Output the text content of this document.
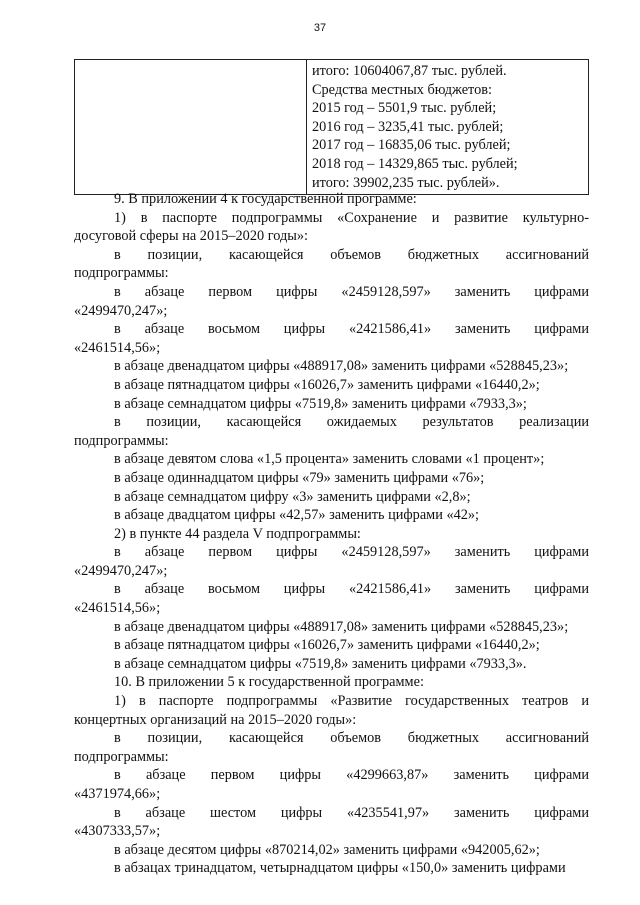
37

итого: 10604067,87 тыс. рублей.
Средства местных бюджетов:
2015 год – 5501,9 тыс. рублей;
2016 год – 3235,41 тыс. рублей;
2017 год – 16835,06 тыс. рублей;
2018 год – 14329,865 тыс. рублей;
итого: 39902,235 тыс. рублей».

9. В приложении 4 к государственной программе:

1) в паспорте подпрограммы «Сохранение и развитие культурно-

досуговой сферы на 2015–2020 годы»:

в позиции, касающейся объемов бюджетных ассигнований

подпрограммы:

в абзаце первом цифры «2459128,597» заменить цифрами

«2499470,247»;

в абзаце восьмом цифры «2421586,41» заменить цифрами

«2461514,56»;

в абзаце двенадцатом цифры «488917,08» заменить цифрами «528845,23»;

в абзаце пятнадцатом цифры «16026,7» заменить цифрами «16440,2»;

в абзаце семнадцатом цифры «7519,8» заменить цифрами «7933,3»;

в позиции, касающейся ожидаемых результатов реализации

подпрограммы:

в абзаце девятом слова «1,5 процента» заменить словами «1 процент»;

в абзаце одиннадцатом цифры «79» заменить цифрами «76»;

в абзаце семнадцатом цифру «3» заменить цифрами «2,8»;

в абзаце двадцатом цифры «42,57» заменить цифрами «42»;

2) в пункте 44 раздела V подпрограммы:

в абзаце первом цифры «2459128,597» заменить цифрами

«2499470,247»;

в абзаце восьмом цифры «2421586,41» заменить цифрами

«2461514,56»;

в абзаце двенадцатом цифры «488917,08» заменить цифрами «528845,23»;

в абзаце пятнадцатом цифры «16026,7» заменить цифрами «16440,2»;

в абзаце семнадцатом цифры «7519,8» заменить цифрами «7933,3».

10. В приложении 5 к государственной программе:

1) в паспорте подпрограммы «Развитие государственных театров и

концертных организаций на 2015–2020 годы»:

в позиции, касающейся объемов бюджетных ассигнований

подпрограммы:

в абзаце первом цифры «4299663,87» заменить цифрами

«4371974,66»;

в абзаце шестом цифры «4235541,97» заменить цифрами

«4307333,57»;

в абзаце десятом цифры «870214,02» заменить цифрами «942005,62»;

в абзацах тринадцатом, четырнадцатом цифры «150,0» заменить цифрами
